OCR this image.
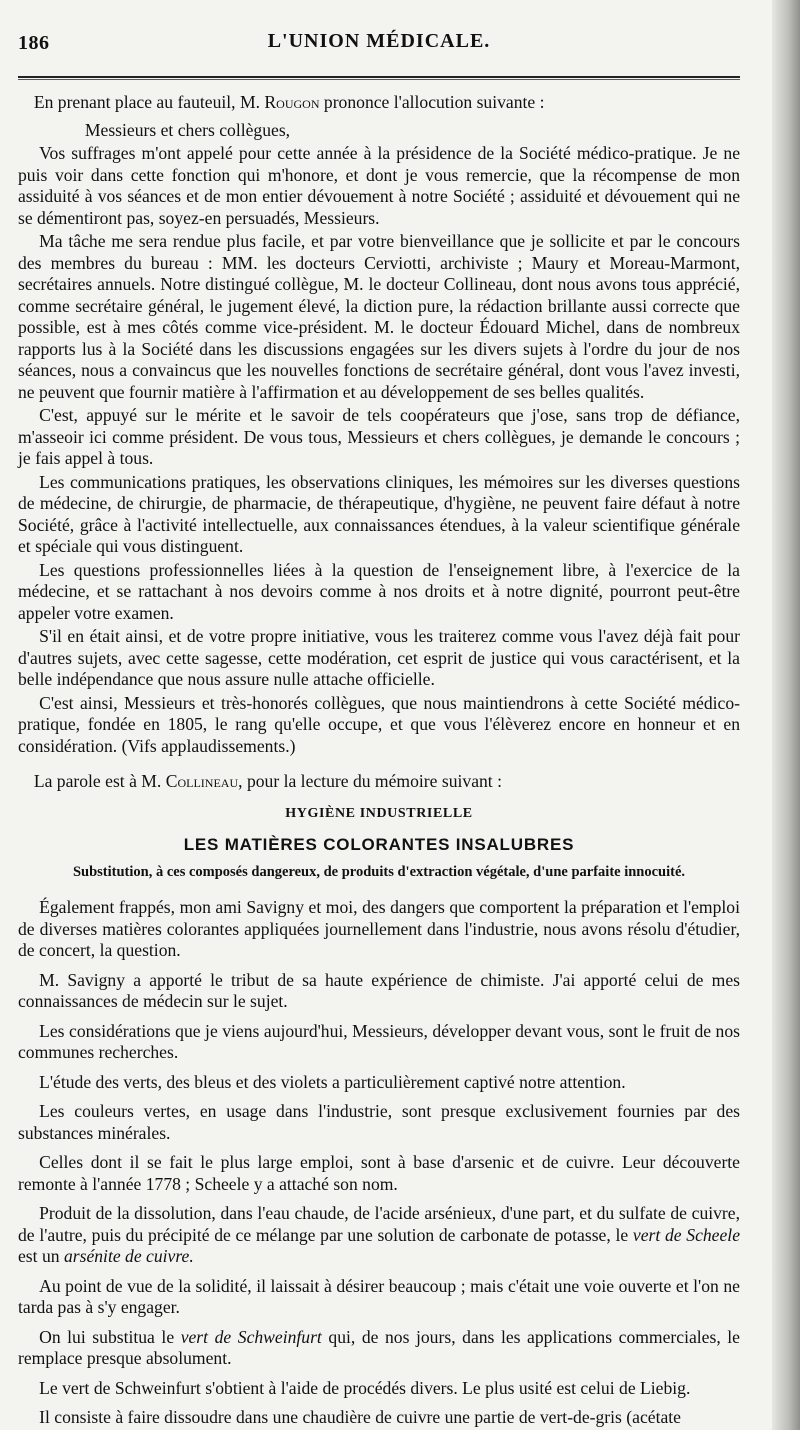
186	L'UNION MÉDICALE.

En prenant place au fauteuil, M. Rougon prononce l'allocution suivante :

Messieurs et chers collègues,

Vos suffrages m'ont appelé pour cette année à la présidence de la Société médico-pratique. Je ne puis voir dans cette fonction qui m'honore, et dont je vous remercie, que la récompense de mon assiduité à vos séances et de mon entier dévouement à notre Société ; assiduité et dévouement qui ne se démentiront pas, soyez-en persuadés, Messieurs.

Ma tâche me sera rendue plus facile, et par votre bienveillance que je sollicite et par le concours des membres du bureau : MM. les docteurs Cerviotti, archiviste ; Maury et Moreau-Marmont, secrétaires annuels. Notre distingué collègue, M. le docteur Collineau, dont nous avons tous apprécié, comme secrétaire général, le jugement élevé, la diction pure, la rédaction brillante aussi correcte que possible, est à mes côtés comme vice-président. M. le docteur Édouard Michel, dans de nombreux rapports lus à la Société dans les discussions engagées sur les divers sujets à l'ordre du jour de nos séances, nous a convaincus que les nouvelles fonctions de secrétaire général, dont vous l'avez investi, ne peuvent que fournir matière à l'affirmation et au développement de ses belles qualités.

C'est, appuyé sur le mérite et le savoir de tels coopérateurs que j'ose, sans trop de défiance, m'asseoir ici comme président. De vous tous, Messieurs et chers collègues, je demande le concours ; je fais appel à tous.

Les communications pratiques, les observations cliniques, les mémoires sur les diverses questions de médecine, de chirurgie, de pharmacie, de thérapeutique, d'hygiène, ne peuvent faire défaut à notre Société, grâce à l'activité intellectuelle, aux connaissances étendues, à la valeur scientifique générale et spéciale qui vous distinguent.

Les questions professionnelles liées à la question de l'enseignement libre, à l'exercice de la médecine, et se rattachant à nos devoirs comme à nos droits et à notre dignité, pourront peut-être appeler votre examen.

S'il en était ainsi, et de votre propre initiative, vous les traiterez comme vous l'avez déjà fait pour d'autres sujets, avec cette sagesse, cette modération, cet esprit de justice qui vous caractérisent, et la belle indépendance que nous assure nulle attache officielle.

C'est ainsi, Messieurs et très-honorés collègues, que nous maintiendrons à cette Société médico-pratique, fondée en 1805, le rang qu'elle occupe, et que vous l'élèverez encore en honneur et en considération. (Vifs applaudissements.)

La parole est à M. Collineau, pour la lecture du mémoire suivant :

HYGIÈNE INDUSTRIELLE
LES MATIÈRES COLORANTES INSALUBRES
Substitution, à ces composés dangereux, de produits d'extraction végétale, d'une parfaite innocuité.

Également frappés, mon ami Savigny et moi, des dangers que comportent la préparation et l'emploi de diverses matières colorantes appliquées journellement dans l'industrie, nous avons résolu d'étudier, de concert, la question.

M. Savigny a apporté le tribut de sa haute expérience de chimiste. J'ai apporté celui de mes connaissances de médecin sur le sujet.

Les considérations que je viens aujourd'hui, Messieurs, développer devant vous, sont le fruit de nos communes recherches.

L'étude des verts, des bleus et des violets a particulièrement captivé notre attention.

Les couleurs vertes, en usage dans l'industrie, sont presque exclusivement fournies par des substances minérales.

Celles dont il se fait le plus large emploi, sont à base d'arsenic et de cuivre. Leur découverte remonte à l'année 1778 ; Scheele y a attaché son nom.

Produit de la dissolution, dans l'eau chaude, de l'acide arsénieux, d'une part, et du sulfate de cuivre, de l'autre, puis du précipité de ce mélange par une solution de carbonate de potasse, le vert de Scheele est un arsénite de cuivre.

Au point de vue de la solidité, il laissait à désirer beaucoup ; mais c'était une voie ouverte et l'on ne tarda pas à s'y engager.

On lui substitua le vert de Schweinfurt qui, de nos jours, dans les applications commerciales, le remplace presque absolument.

Le vert de Schweinfurt s'obtient à l'aide de procédés divers. Le plus usité est celui de Liebig.

Il consiste à faire dissoudre dans une chaudière de cuivre une partie de vert-de-gris (acétate
